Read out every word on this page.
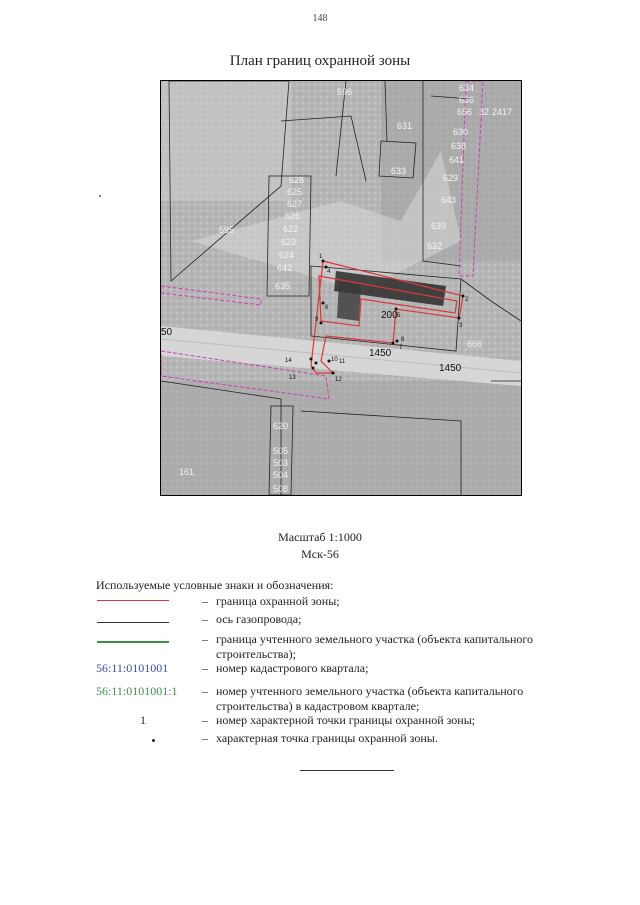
148
План границ охранной зоны
596
631
633
595
628
625
627
626
622
623
624
642
635
634
636
656 32 24 17
630
638
641
629
643
639
632
200
666
1450
1450
50
620
505
503
504
508
161
1
2
3
4
5
6
7
8
9
10 11
12
13
14
Масштаб 1:1000
Мск-56
Используемые условные знаки и обозначения:
– граница охранной зоны;
– ось газопровода;
– граница учтенного земельного участка (объекта капитального строительства);
56:11:0101001	– номер кадастрового квартала;
56:11:0101001:1	– номер учтенного земельного участка (объекта капитального строительства) в кадастровом квартале;
1	– номер характерной точки границы охранной зоны;
– характерная точка границы охранной зоны.
